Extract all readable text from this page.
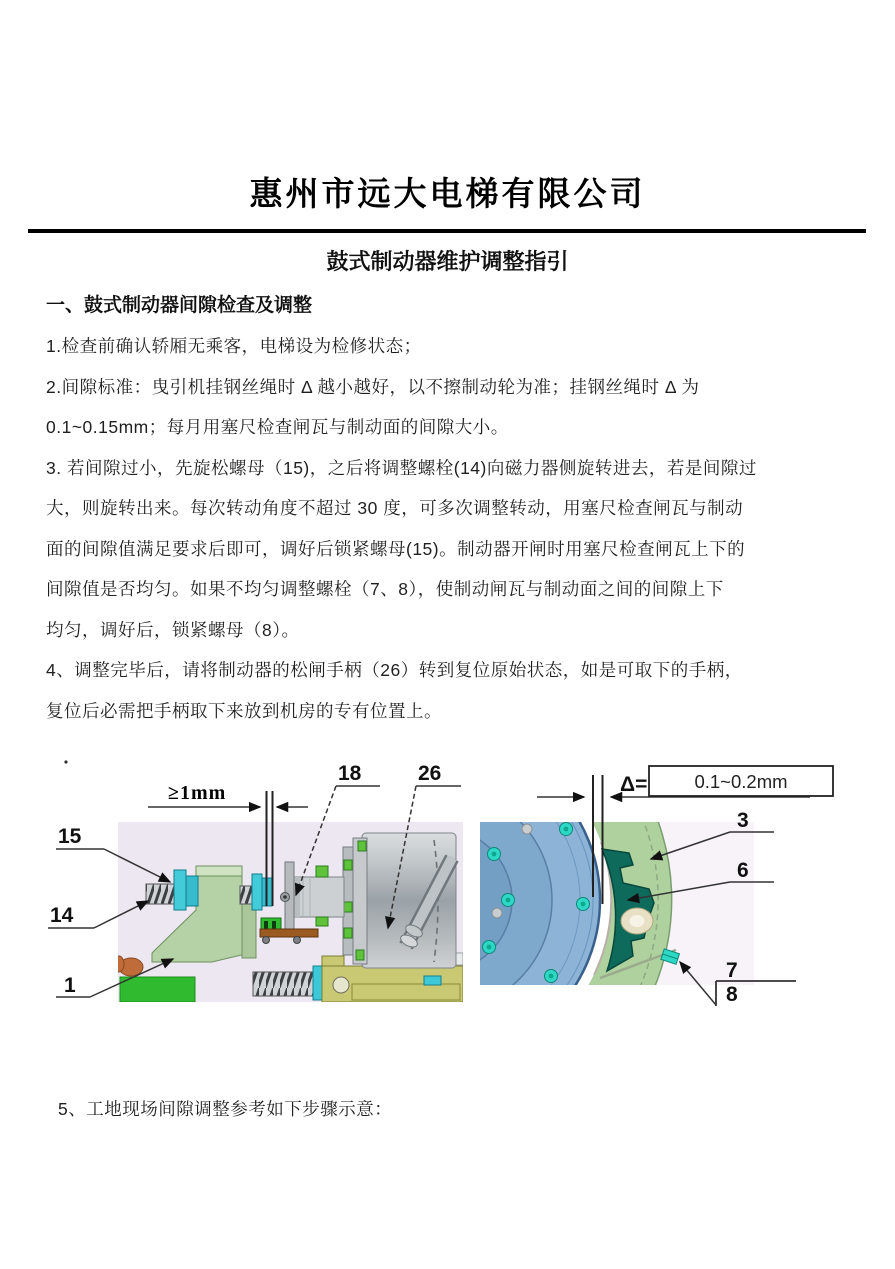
惠州市远大电梯有限公司
鼓式制动器维护调整指引
一、鼓式制动器间隙检查及调整
1.检查前确认轿厢无乘客，电梯设为检修状态；
2.间隙标准：曳引机挂钢丝绳时 Δ 越小越好，以不擦制动轮为准；挂钢丝绳时 Δ 为
0.1~0.15mm；每月用塞尺检查闸瓦与制动面的间隙大小。
3. 若间隙过小，先旋松螺母（15)，之后将调整螺栓(14)向磁力器侧旋转进去，若是间隙过
大，则旋转出来。每次转动角度不超过 30 度，可多次调整转动，用塞尺检查闸瓦与制动
面的间隙值满足要求后即可，调好后锁紧螺母(15)。制动器开闸时用塞尺检查闸瓦上下的
间隙值是否均匀。如果不均匀调整螺栓（7、8），使制动闸瓦与制动面之间的间隙上下
均匀，调好后，锁紧螺母（8）。
4、调整完毕后，请将制动器的松闸手柄（26）转到复位原始状态，如是可取下的手柄，
复位后必需把手柄取下来放到机房的专有位置上。
≥1mm
15
14
1
18	26	Δ=	0.1~0.2mm
3
6
7
8
5、工地现场间隙调整参考如下步骤示意：
